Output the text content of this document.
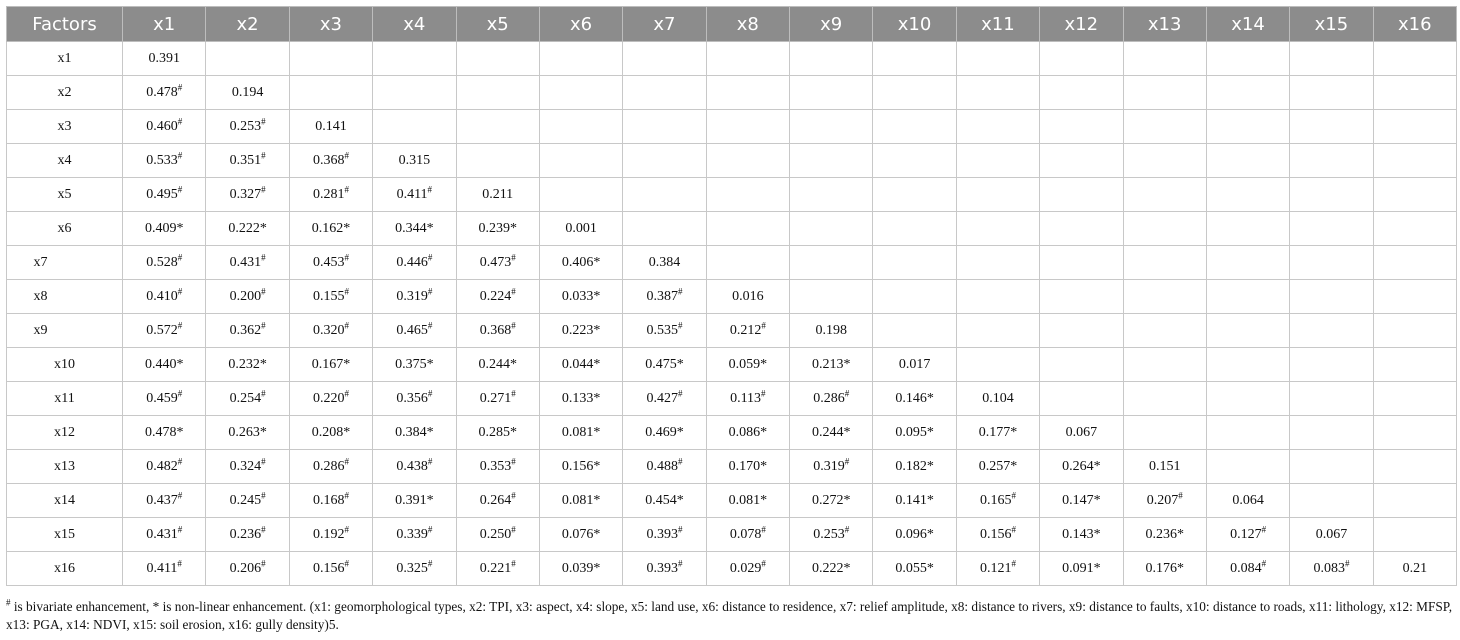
Factors	x1	x2	x3	x4	x5	x6	x7	x8	x9	x10	x11	x12	x13	x14	x15	x16
x1	0.391															
x2	0.478#	0.194														
x3	0.460#	0.253#	0.141													
x4	0.533#	0.351#	0.368#	0.315												
x5	0.495#	0.327#	0.281#	0.411#	0.211											
x6	0.409*	0.222*	0.162*	0.344*	0.239*	0.001										
x7	0.528#	0.431#	0.453#	0.446#	0.473#	0.406*	0.384									
x8	0.410#	0.200#	0.155#	0.319#	0.224#	0.033*	0.387#	0.016								
x9	0.572#	0.362#	0.320#	0.465#	0.368#	0.223*	0.535#	0.212#	0.198							
x10	0.440*	0.232*	0.167*	0.375*	0.244*	0.044*	0.475*	0.059*	0.213*	0.017						
x11	0.459#	0.254#	0.220#	0.356#	0.271#	0.133*	0.427#	0.113#	0.286#	0.146*	0.104					
x12	0.478*	0.263*	0.208*	0.384*	0.285*	0.081*	0.469*	0.086*	0.244*	0.095*	0.177*	0.067				
x13	0.482#	0.324#	0.286#	0.438#	0.353#	0.156*	0.488#	0.170*	0.319#	0.182*	0.257*	0.264*	0.151			
x14	0.437#	0.245#	0.168#	0.391*	0.264#	0.081*	0.454*	0.081*	0.272*	0.141*	0.165#	0.147*	0.207#	0.064		
x15	0.431#	0.236#	0.192#	0.339#	0.250#	0.076*	0.393#	0.078#	0.253#	0.096*	0.156#	0.143*	0.236*	0.127#	0.067	
x16	0.411#	0.206#	0.156#	0.325#	0.221#	0.039*	0.393#	0.029#	0.222*	0.055*	0.121#	0.091*	0.176*	0.084#	0.083#	0.21
# is bivariate enhancement, * is non-linear enhancement. (x1: geomorphological types, x2: TPI, x3: aspect, x4: slope, x5: land use, x6: distance to residence, x7: relief amplitude, x8: distance to rivers, x9: distance to faults, x10: distance to roads, x11: lithology, x12: MFSP, x13: PGA, x14: NDVI, x15: soil erosion, x16: gully density)5.
